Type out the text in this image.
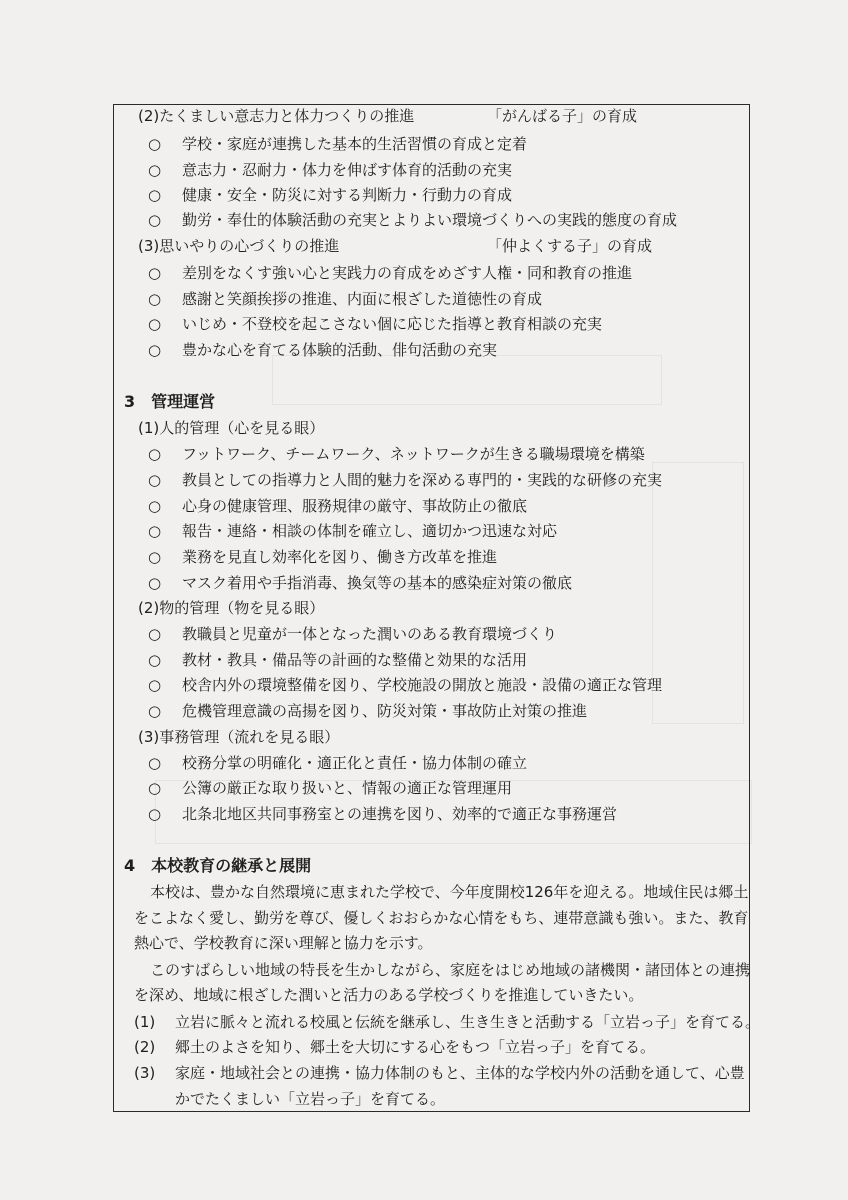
(2)たくましい意志力と体力つくりの推進	「がんばる子」の育成
○ 学校・家庭が連携した基本的生活習慣の育成と定着
○ 意志力・忍耐力・体力を伸ばす体育的活動の充実
○ 健康・安全・防災に対する判断力・行動力の育成
○ 勤労・奉仕的体験活動の充実とよりよい環境づくりへの実践的態度の育成
(3)思いやりの心づくりの推進	「仲よくする子」の育成
○ 差別をなくす強い心と実践力の育成をめざす人権・同和教育の推進
○ 感謝と笑顔挨拶の推進、内面に根ざした道徳性の育成
○ いじめ・不登校を起こさない個に応じた指導と教育相談の充実
○ 豊かな心を育てる体験的活動、俳句活動の充実
3　管理運営
(1)人的管理（心を見る眼）
○ フットワーク、チームワーク、ネットワークが生きる職場環境を構築
○ 教員としての指導力と人間的魅力を深める専門的・実践的な研修の充実
○ 心身の健康管理、服務規律の厳守、事故防止の徹底
○ 報告・連絡・相談の体制を確立し、適切かつ迅速な対応
○ 業務を見直し効率化を図り、働き方改革を推進
○ マスク着用や手指消毒、換気等の基本的感染症対策の徹底
(2)物的管理（物を見る眼）
○ 教職員と児童が一体となった潤いのある教育環境づくり
○ 教材・教具・備品等の計画的な整備と効果的な活用
○ 校舎内外の環境整備を図り、学校施設の開放と施設・設備の適正な管理
○ 危機管理意識の高揚を図り、防災対策・事故防止対策の推進
(3)事務管理（流れを見る眼）
○ 校務分掌の明確化・適正化と責任・協力体制の確立
○ 公簿の厳正な取り扱いと、情報の適正な管理運用
○ 北条北地区共同事務室との連携を図り、効率的で適正な事務運営
4　本校教育の継承と展開
本校は、豊かな自然環境に恵まれた学校で、今年度開校126年を迎える。地域住民は郷土
をこよなく愛し、勤労を尊び、優しくおおらかな心情をもち、連帯意識も強い。また、教育
熱心で、学校教育に深い理解と協力を示す。
このすばらしい地域の特長を生かしながら、家庭をはじめ地域の諸機関・諸団体との連携
を深め、地域に根ざした潤いと活力のある学校づくりを推進していきたい。
(1) 立岩に脈々と流れる校風と伝統を継承し、生き生きと活動する「立岩っ子」を育てる。
(2) 郷土のよさを知り、郷土を大切にする心をもつ「立岩っ子」を育てる。
(3) 家庭・地域社会との連携・協力体制のもと、主体的な学校内外の活動を通して、心豊
かでたくましい「立岩っ子」を育てる。
